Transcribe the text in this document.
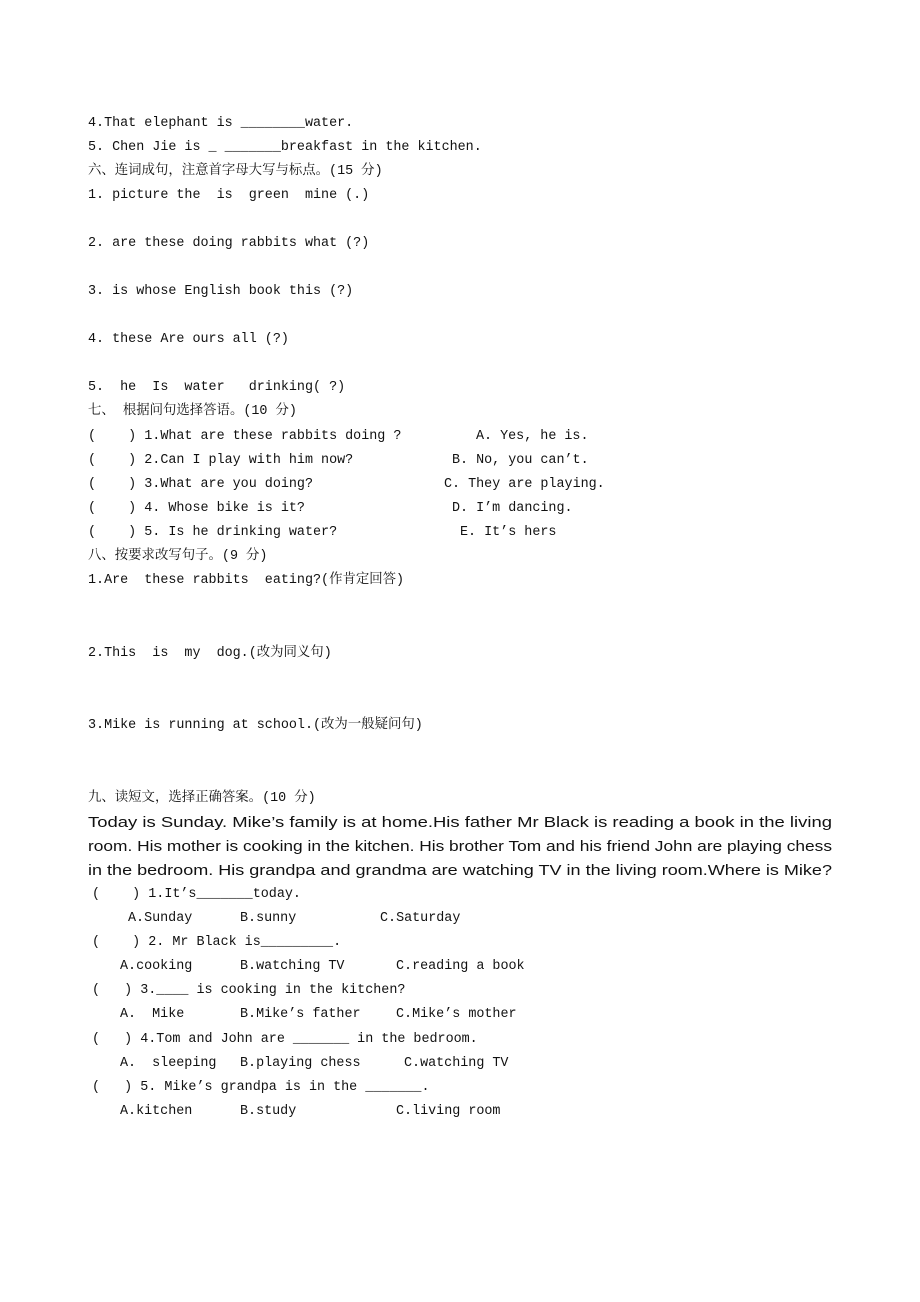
4.That elephant is ________water.
5. Chen Jie is _ _______breakfast in the kitchen.
六、连词成句，注意首字母大写与标点。(15 分)
1. picture the  is  green  mine (.)
2. are these doing rabbits what (?)
3. is whose English book this (?)
4. these Are ours all (?)
5.  he  Is  water   drinking( ?)
七、 根据问句选择答语。(10 分)
(    ) 1.What are these rabbits doing ?	A. Yes, he is.
(    ) 2.Can I play with him now?	B. No, you can’t.
(    ) 3.What are you doing?	C. They are playing.
(    ) 4. Whose bike is it?	D. I’m dancing.
(    ) 5. Is he drinking water?	E. It’s hers
八、按要求改写句子。(9 分)
1.Are  these rabbits  eating?(作肯定回答)
2.This  is  my  dog.(改为同义句)
3.Mike is running at school.(改为一般疑问句)
九、读短文，选择正确答案。(10 分)
Today is Sunday. Mike’s family is at home.His father Mr Black is reading a book in the living
room. His mother is cooking in the kitchen. His brother Tom and his friend John are playing chess
in the bedroom. His grandpa and grandma are watching TV in the living room.Where is Mike?
(    ) 1.It’s_______today.
A.Sunday	B.sunny	C.Saturday
(    ) 2. Mr Black is_________.
A.cooking	B.watching TV	C.reading a book
(   ) 3.____ is cooking in the kitchen?
A.  Mike	B.Mike’s father	C.Mike’s mother
(   ) 4.Tom and John are _______ in the bedroom.
A.  sleeping B.playing chess	C.watching TV
(   ) 5. Mike’s grandpa is in the _______.
A.kitchen	B.study	C.living room
